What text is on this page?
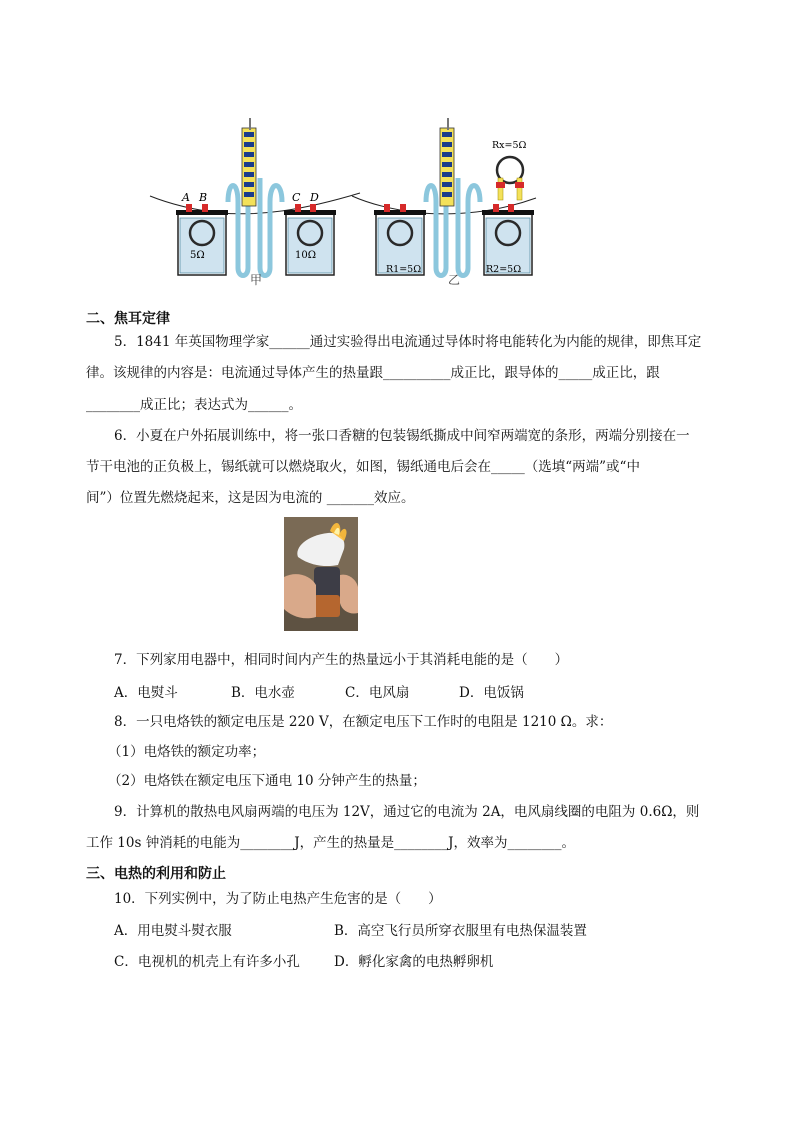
A B	C D
5Ω	10Ω
Rx=5Ω
R1=5Ω	R2=5Ω
甲	乙
二、焦耳定律
5．1841 年英国物理学家______通过实验得出电流通过导体时将电能转化为内能的规律，即焦耳定
律。该规律的内容是：电流通过导体产生的热量跟__________成正比，跟导体的_____成正比，跟
________成正比；表达式为______。
6．小夏在户外拓展训练中，将一张口香糖的包装锡纸撕成中间窄两端宽的条形，两端分别接在一
节干电池的正负极上，锡纸就可以燃烧取火，如图，锡纸通电后会在_____（选填“两端”或“中
间”）位置先燃烧起来，这是因为电流的 _______效应。
7．下列家用电器中，相同时间内产生的热量远小于其消耗电能的是（　　）
A．电熨斗	B．电水壶	C．电风扇	D．电饭锅
8．一只电烙铁的额定电压是 220 V，在额定电压下工作时的电阻是 1210 Ω。求：
（1）电烙铁的额定功率；
（2）电烙铁在额定电压下通电 10 分钟产生的热量；
9．计算机的散热电风扇两端的电压为 12V，通过它的电流为 2A，电风扇线圈的电阻为 0.6Ω，则
工作 10s 钟消耗的电能为________J，产生的热量是________J，效率为________。
三、电热的利用和防止
10．下列实例中，为了防止电热产生危害的是（　　）
A．用电熨斗熨衣服	B．高空飞行员所穿衣服里有电热保温装置
C．电视机的机壳上有许多小孔	D．孵化家禽的电热孵卵机
